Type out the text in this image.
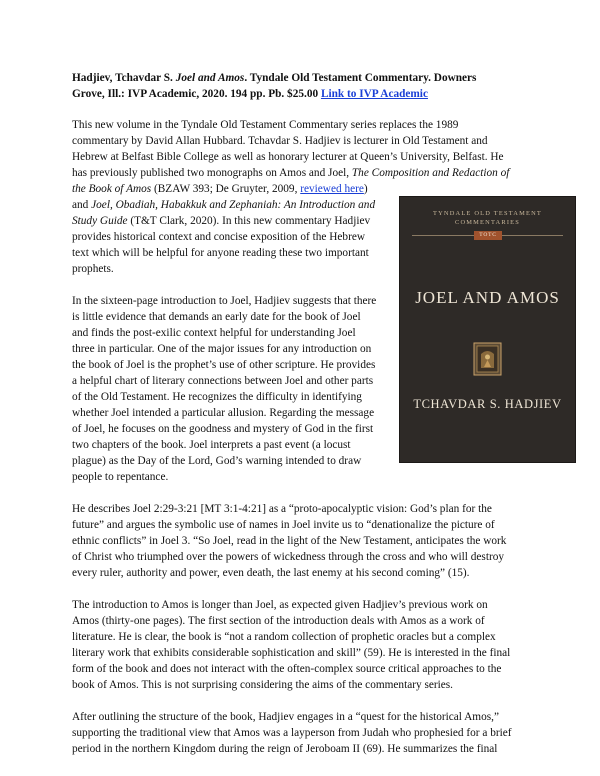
Hadjiev, Tchavdar S. Joel and Amos. Tyndale Old Testament Commentary. Downers
Grove, Ill.: IVP Academic, 2020. 194 pp. Pb. $25.00 Link to IVP Academic
This new volume in the Tyndale Old Testament Commentary series replaces the 1989
commentary by David Allan Hubbard. Tchavdar S. Hadjiev is lecturer in Old Testament and
Hebrew at Belfast Bible College as well as honorary lecturer at Queen’s University, Belfast. He
has previously published two monographs on Amos and Joel, The Composition and Redaction of
the Book of Amos (BZAW 393; De Gruyter, 2009, reviewed here)
and Joel, Obadiah, Habakkuk and Zephaniah: An Introduction and
Study Guide (T&T Clark, 2020). In this new commentary Hadjiev
provides historical context and concise exposition of the Hebrew
text which will be helpful for anyone reading these two important
prophets.
In the sixteen-page introduction to Joel, Hadjiev suggests that there
is little evidence that demands an early date for the book of Joel
and finds the post-exilic context helpful for understanding Joel
three in particular. One of the major issues for any introduction on
the book of Joel is the prophet’s use of other scripture. He provides
a helpful chart of literary connections between Joel and other parts
of the Old Testament. He recognizes the difficulty in identifying
whether Joel intended a particular allusion. Regarding the message
of Joel, he focuses on the goodness and mystery of God in the first
two chapters of the book. Joel interprets a past event (a locust
plague) as the Day of the Lord, God’s warning intended to draw
people to repentance.
He describes Joel 2:29-3:21 [MT 3:1-4:21] as a “proto-apocalyptic vision: God’s plan for the
future” and argues the symbolic use of names in Joel invite us to “denationalize the picture of
ethnic conflicts” in Joel 3. “So Joel, read in the light of the New Testament, anticipates the work
of Christ who triumphed over the powers of wickedness through the cross and who will destroy
every ruler, authority and power, even death, the last enemy at his second coming” (15).
The introduction to Amos is longer than Joel, as expected given Hadjiev’s previous work on
Amos (thirty-one pages). The first section of the introduction deals with Amos as a work of
literature. He is clear, the book is “not a random collection of prophetic oracles but a complex
literary work that exhibits considerable sophistication and skill” (59). He is interested in the final
form of the book and does not interact with the often-complex source critical approaches to the
book of Amos. This is not surprising considering the aims of the commentary series.
After outlining the structure of the book, Hadjiev engages in a “quest for the historical Amos,”
supporting the traditional view that Amos was a layperson from Judah who prophesied for a brief
period in the northern Kingdom during the reign of Jeroboam II (69). He summarizes the final
TYNDALE OLD TESTAMENT
COMMENTARIES
TOTC
JOEL AND AMOS
TCHAVDAR S. HADJIEV
